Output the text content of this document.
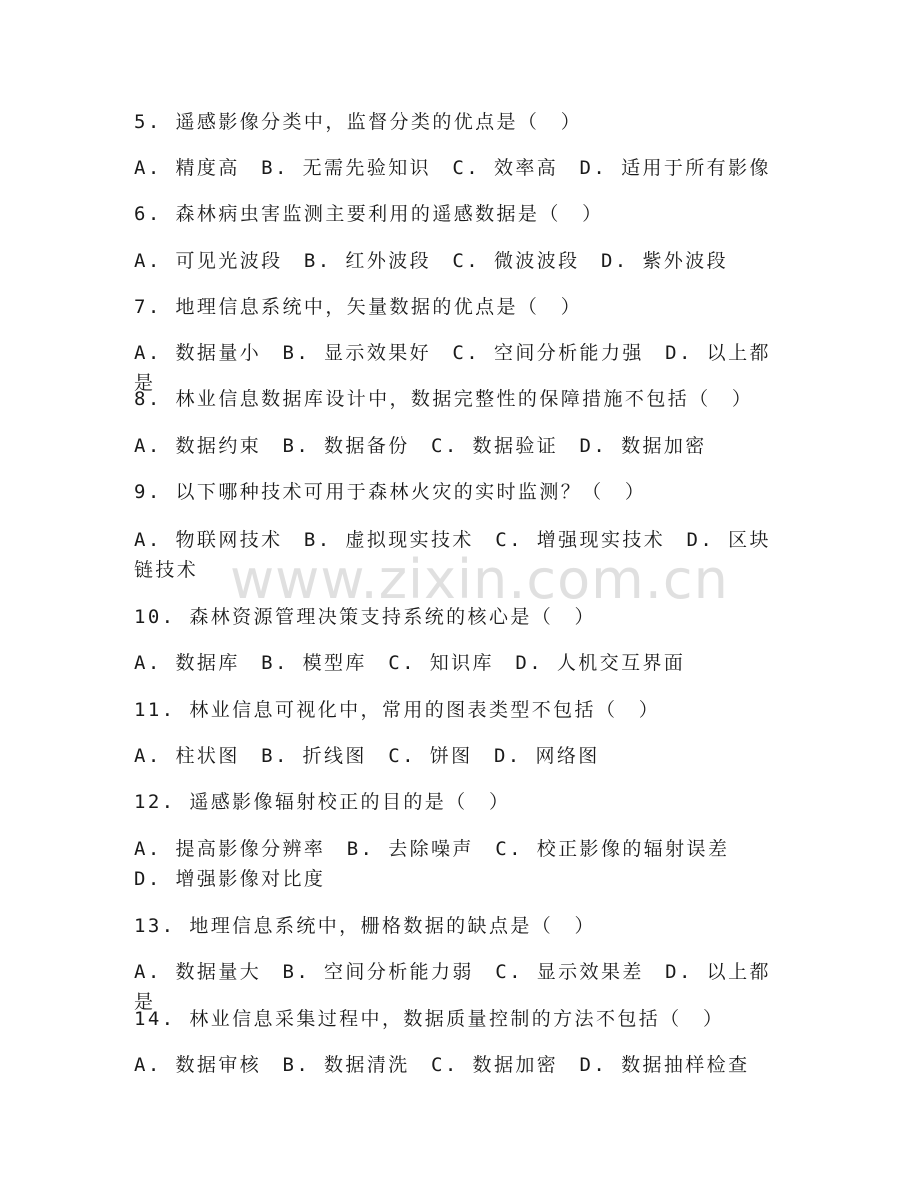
5. 遥感影像分类中，监督分类的优点是（　）
A. 精度高　B. 无需先验知识　C. 效率高　D. 适用于所有影像
6. 森林病虫害监测主要利用的遥感数据是（　）
A. 可见光波段　B. 红外波段　C. 微波波段　D. 紫外波段
7. 地理信息系统中，矢量数据的优点是（　）
A. 数据量小　B. 显示效果好　C. 空间分析能力强　D. 以上都是
8. 林业信息数据库设计中，数据完整性的保障措施不包括（　）
A. 数据约束　B. 数据备份　C. 数据验证　D. 数据加密
9. 以下哪种技术可用于森林火灾的实时监测？（　）
A. 物联网技术　B. 虚拟现实技术　C. 增强现实技术　D. 区块链技术
10. 森林资源管理决策支持系统的核心是（　）
A. 数据库　B. 模型库　C. 知识库　D. 人机交互界面
11. 林业信息可视化中，常用的图表类型不包括（　）
A. 柱状图　B. 折线图　C. 饼图　D. 网络图
12. 遥感影像辐射校正的目的是（　）
A. 提高影像分辨率　B. 去除噪声　C. 校正影像的辐射误差　D. 增强影像对比度
13. 地理信息系统中，栅格数据的缺点是（　）
A. 数据量大　B. 空间分析能力弱　C. 显示效果差　D. 以上都是
14. 林业信息采集过程中，数据质量控制的方法不包括（　）
A. 数据审核　B. 数据清洗　C. 数据加密　D. 数据抽样检查
www.zixin.com.cn
